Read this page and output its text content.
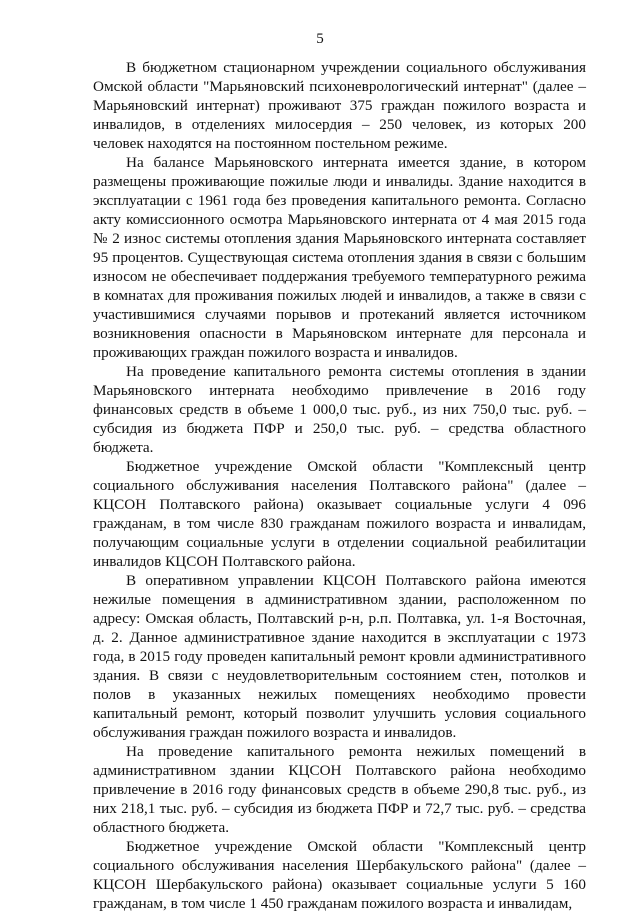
5

В бюджетном стационарном учреждении социального обслуживания Омской области "Марьяновский психоневрологический интернат" (далее – Марьяновский интернат) проживают 375 граждан пожилого возраста и инвалидов, в отделениях милосердия – 250 человек, из которых 200 человек находятся на постоянном постельном режиме.

На балансе Марьяновского интерната имеется здание, в котором размещены проживающие пожилые люди и инвалиды. Здание находится в эксплуатации с 1961 года без проведения капитального ремонта. Согласно акту комиссионного осмотра Марьяновского интерната от 4 мая 2015 года № 2 износ системы отопления здания Марьяновского интерната составляет 95 процентов. Существующая система отопления здания в связи с большим износом не обеспечивает поддержания требуемого температурного режима в комнатах для проживания пожилых людей и инвалидов, а также в связи с участившимися случаями порывов и протеканий является источником возникновения опасности в Марьяновском интернате для персонала и проживающих граждан пожилого возраста и инвалидов.

На проведение капитального ремонта системы отопления в здании Марьяновского интерната необходимо привлечение в 2016 году финансовых средств в объеме 1 000,0 тыс. руб., из них 750,0 тыс. руб. – субсидия из бюджета ПФР и 250,0 тыс. руб. – средства областного бюджета.

Бюджетное учреждение Омской области "Комплексный центр социального обслуживания населения Полтавского района" (далее – КЦСОН Полтавского района) оказывает социальные услуги 4 096 гражданам, в том числе 830 гражданам пожилого возраста и инвалидам, получающим социальные услуги в отделении социальной реабилитации инвалидов КЦСОН Полтавского района.

В оперативном управлении КЦСОН Полтавского района имеются нежилые помещения в административном здании, расположенном по адресу: Омская область, Полтавский р-н, р.п. Полтавка, ул. 1-я Восточная, д. 2. Данное административное здание находится в эксплуатации с 1973 года, в 2015 году проведен капитальный ремонт кровли административного здания. В связи с неудовлетворительным состоянием стен, потолков и полов в указанных нежилых помещениях необходимо провести капитальный ремонт, который позволит улучшить условия социального обслуживания граждан пожилого возраста и инвалидов.

На проведение капитального ремонта нежилых помещений в административном здании КЦСОН Полтавского района необходимо привлечение в 2016 году финансовых средств в объеме 290,8 тыс. руб., из них 218,1 тыс. руб. – субсидия из бюджета ПФР и 72,7 тыс. руб. – средства областного бюджета.

Бюджетное учреждение Омской области "Комплексный центр социального обслуживания населения Шербакульского района" (далее – КЦСОН Шербакульского района) оказывает социальные услуги 5 160 гражданам, в том числе 1 450 гражданам пожилого возраста и инвалидам,
